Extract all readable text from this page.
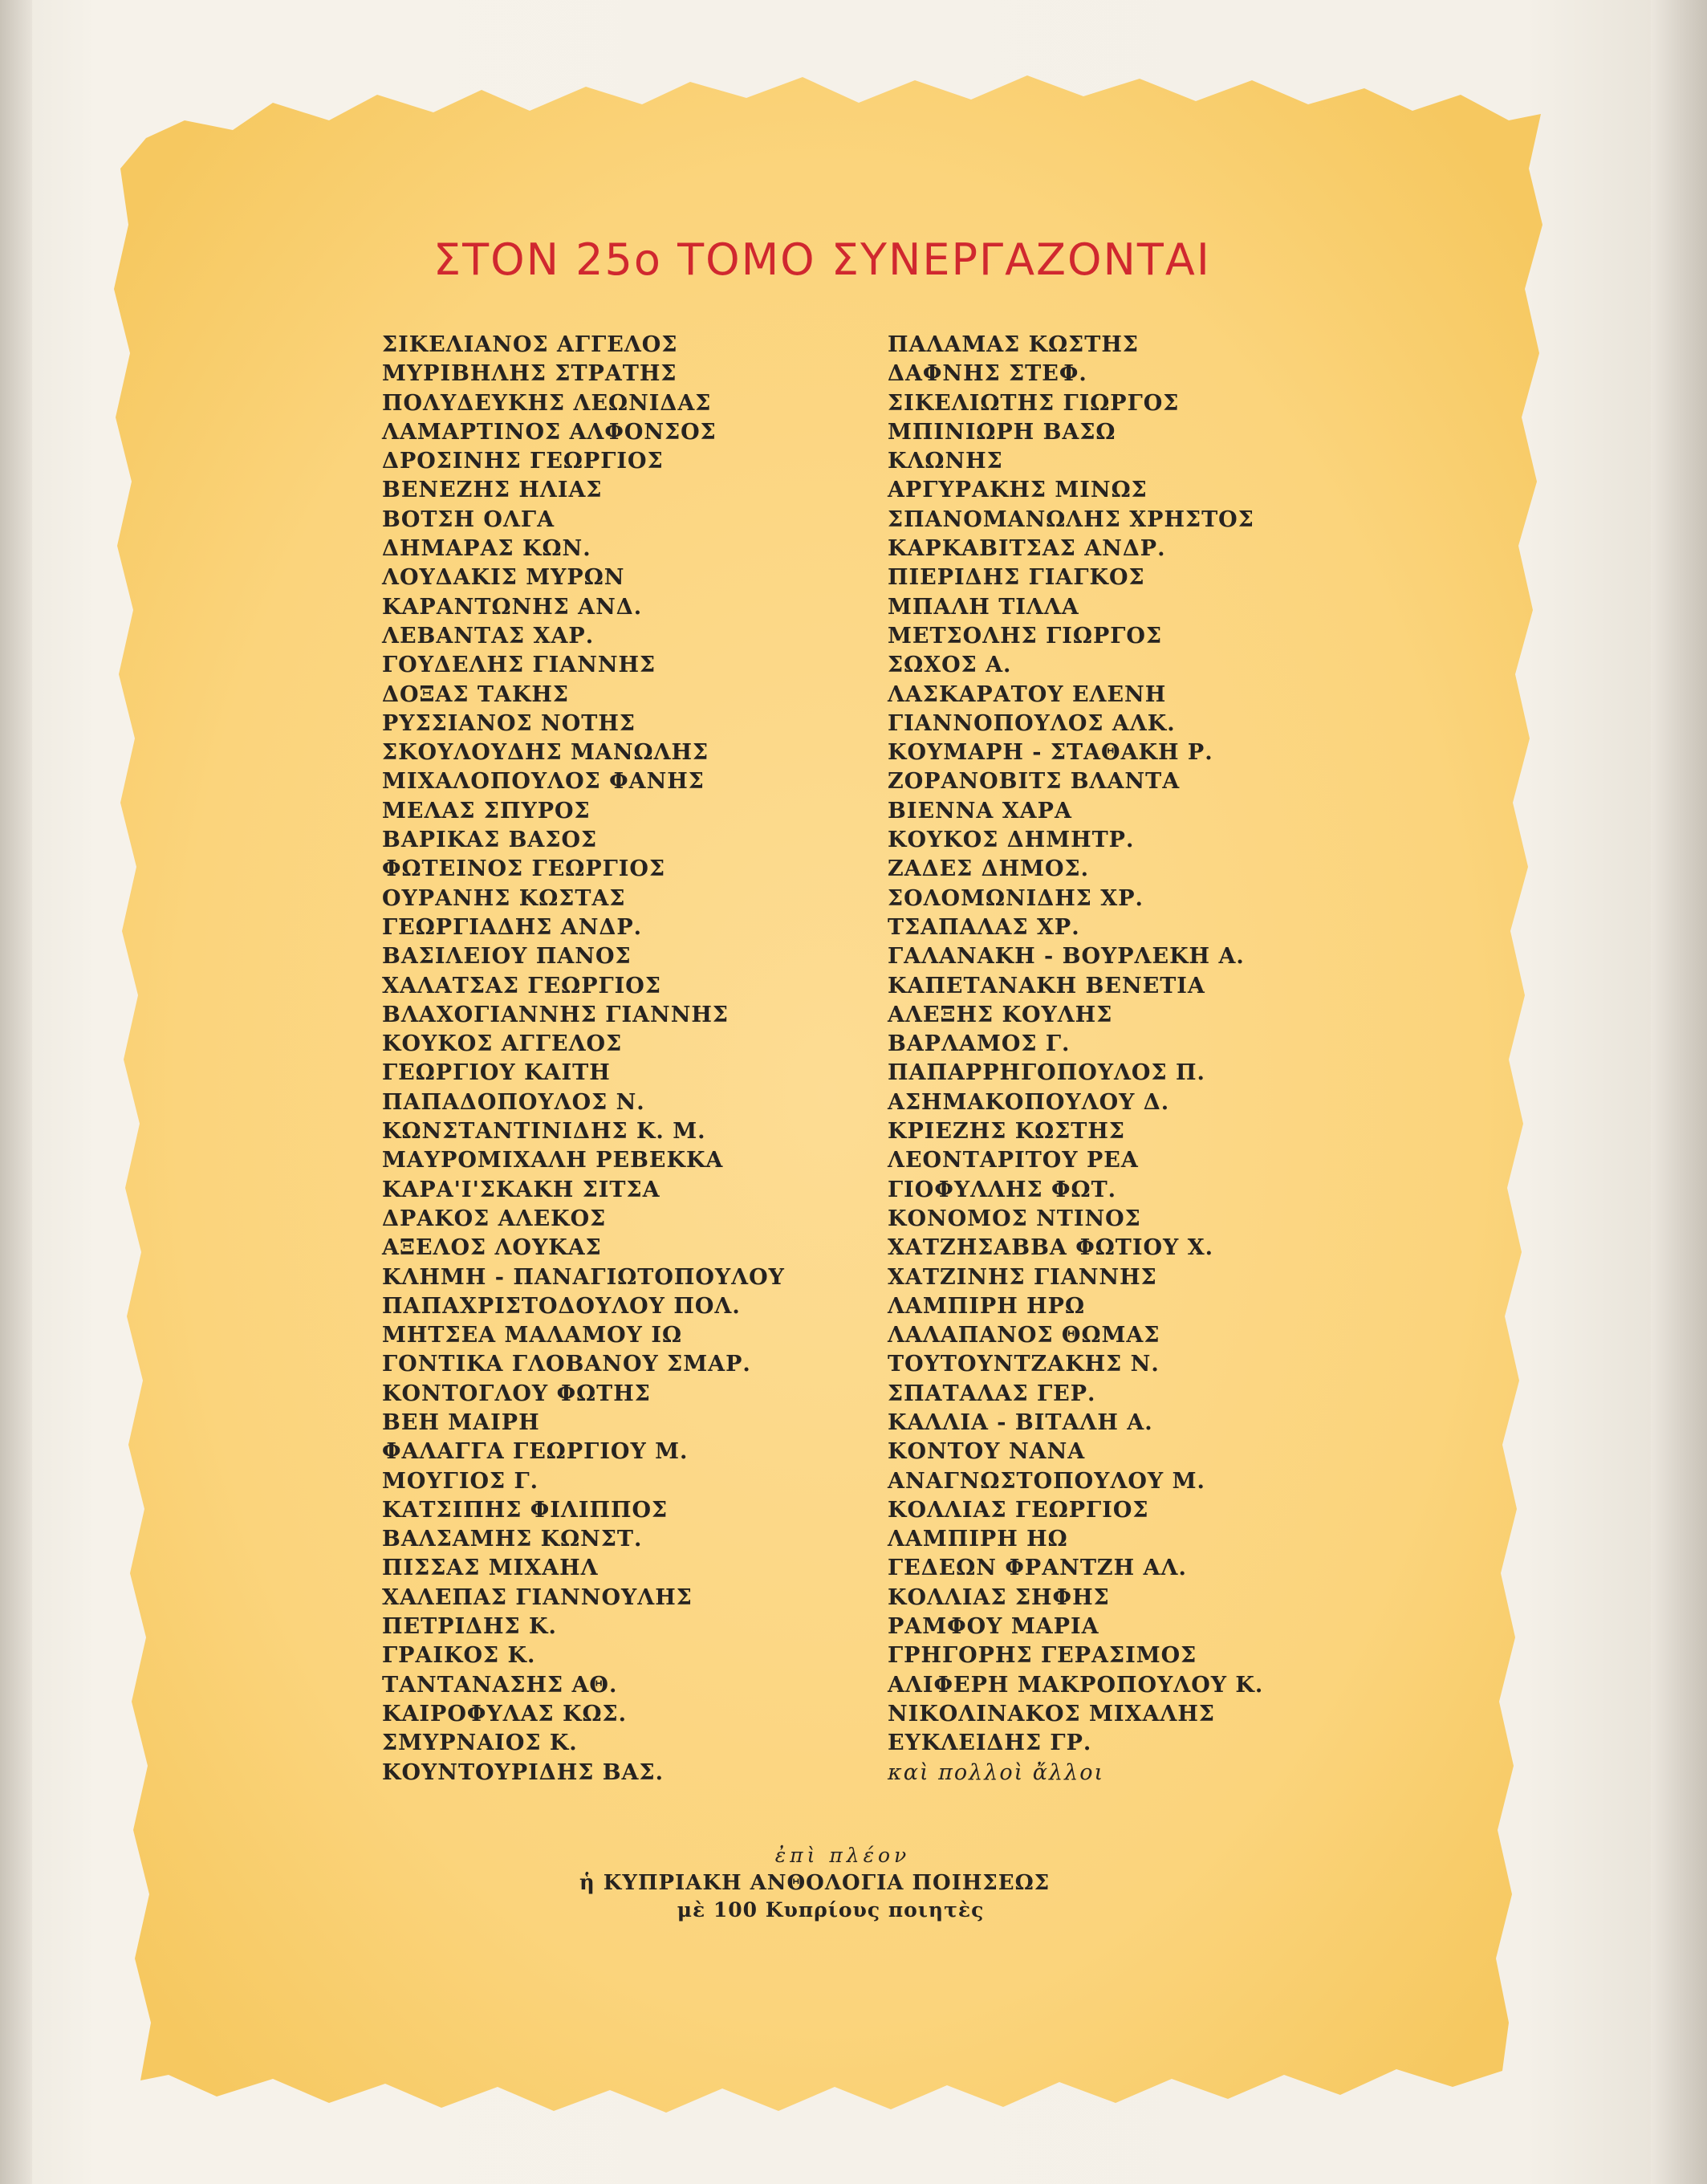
ΣΤΟΝ 25ο ΤΟΜΟ ΣΥΝΕΡΓΑΖΟΝΤΑΙ
ΣΙΚΕΛΙΑΝΟΣ ΑΓΓΕΛΟΣ
ΜΥΡΙΒΗΛΗΣ ΣΤΡΑΤΗΣ
ΠΟΛΥΔΕΥΚΗΣ ΛΕΩΝΙΔΑΣ
ΛΑΜΑΡΤΙΝΟΣ ΑΛΦΟΝΣΟΣ
ΔΡΟΣΙΝΗΣ ΓΕΩΡΓΙΟΣ
ΒΕΝΕΖΗΣ ΗΛΙΑΣ
ΒΟΤΣΗ ΟΛΓΑ
ΔΗΜΑΡΑΣ ΚΩΝ.
ΛΟΥΔΑΚΙΣ ΜΥΡΩΝ
ΚΑΡΑΝΤΩΝΗΣ ΑΝΔ.
ΛΕΒΑΝΤΑΣ ΧΑΡ.
ΓΟΥΔΕΛΗΣ ΓΙΑΝΝΗΣ
ΔΟΞΑΣ ΤΑΚΗΣ
ΡΥΣΣΙΑΝΟΣ ΝΟΤΗΣ
ΣΚΟΥΛΟΥΔΗΣ ΜΑΝΩΛΗΣ
ΜΙΧΑΛΟΠΟΥΛΟΣ ΦΑΝΗΣ
ΜΕΛΑΣ ΣΠΥΡΟΣ
ΒΑΡΙΚΑΣ ΒΑΣΟΣ
ΦΩΤΕΙΝΟΣ ΓΕΩΡΓΙΟΣ
ΟΥΡΑΝΗΣ ΚΩΣΤΑΣ
ΓΕΩΡΓΙΑΔΗΣ ΑΝΔΡ.
ΒΑΣΙΛΕΙΟΥ ΠΑΝΟΣ
ΧΑΛΑΤΣΑΣ ΓΕΩΡΓΙΟΣ
ΒΛΑΧΟΓΙΑΝΝΗΣ ΓΙΑΝΝΗΣ
ΚΟΥΚΟΣ ΑΓΓΕΛΟΣ
ΓΕΩΡΓΙΟΥ ΚΑΙΤΗ
ΠΑΠΑΔΟΠΟΥΛΟΣ Ν.
ΚΩΝΣΤΑΝΤΙΝΙΔΗΣ Κ. Μ.
ΜΑΥΡΟΜΙΧΑΛΗ ΡΕΒΕΚΚΑ
ΚΑΡΑ'Ι'ΣΚΑΚΗ ΣΙΤΣΑ
ΔΡΑΚΟΣ ΑΛΕΚΟΣ
ΑΞΕΛΟΣ ΛΟΥΚΑΣ
ΚΛΗΜΗ - ΠΑΝΑΓΙΩΤΟΠΟΥΛΟΥ
ΠΑΠΑΧΡΙΣΤΟΔΟΥΛΟΥ ΠΟΛ.
ΜΗΤΣΕΑ ΜΑΛΑΜΟΥ ΙΩ
ΓΟΝΤΙΚΑ ΓΛΟΒΑΝΟΥ ΣΜΑΡ.
ΚΟΝΤΟΓΛΟΥ ΦΩΤΗΣ
ΒΕΗ ΜΑΙΡΗ
ΦΑΛΑΓΓΑ ΓΕΩΡΓΙΟΥ Μ.
ΜΟΥΓΙΟΣ Γ.
ΚΑΤΣΙΠΗΣ ΦΙΛΙΠΠΟΣ
ΒΑΛΣΑΜΗΣ ΚΩΝΣΤ.
ΠΙΣΣΑΣ ΜΙΧΑΗΛ
ΧΑΛΕΠΑΣ ΓΙΑΝΝΟΥΛΗΣ
ΠΕΤΡΙΔΗΣ Κ.
ΓΡΑΙΚΟΣ Κ.
ΤΑΝΤΑΝΑΣΗΣ ΑΘ.
ΚΑΙΡΟΦΥΛΑΣ ΚΩΣ.
ΣΜΥΡΝΑΙΟΣ Κ.
ΚΟΥΝΤΟΥΡΙΔΗΣ ΒΑΣ.
ΠΑΛΑΜΑΣ ΚΩΣΤΗΣ
ΔΑΦΝΗΣ ΣΤΕΦ.
ΣΙΚΕΛΙΩΤΗΣ ΓΙΩΡΓΟΣ
ΜΠΙΝΙΩΡΗ ΒΑΣΩ
ΚΛΩΝΗΣ
ΑΡΓΥΡΑΚΗΣ ΜΙΝΩΣ
ΣΠΑΝΟΜΑΝΩΛΗΣ ΧΡΗΣΤΟΣ
ΚΑΡΚΑΒΙΤΣΑΣ ΑΝΔΡ.
ΠΙΕΡΙΔΗΣ ΓΙΑΓΚΟΣ
ΜΠΑΛΗ ΤΙΛΛΑ
ΜΕΤΣΟΛΗΣ ΓΙΩΡΓΟΣ
ΣΩΧΟΣ Α.
ΛΑΣΚΑΡΑΤΟΥ ΕΛΕΝΗ
ΓΙΑΝΝΟΠΟΥΛΟΣ ΑΛΚ.
ΚΟΥΜΑΡΗ - ΣΤΑΘΑΚΗ Ρ.
ΖΟΡΑΝΟΒΙΤΣ ΒΛΑΝΤΑ
ΒΙΕΝΝΑ ΧΑΡΑ
ΚΟΥΚΟΣ ΔΗΜΗΤΡ.
ΖΑΔΕΣ ΔΗΜΟΣ.
ΣΟΛΟΜΩΝΙΔΗΣ ΧΡ.
ΤΣΑΠΑΛΑΣ ΧΡ.
ΓΑΛΑΝΑΚΗ - ΒΟΥΡΛΕΚΗ Α.
ΚΑΠΕΤΑΝΑΚΗ ΒΕΝΕΤΙΑ
ΑΛΕΞΗΣ ΚΟΥΛΗΣ
ΒΑΡΛΑΜΟΣ Γ.
ΠΑΠΑΡΡΗΓΟΠΟΥΛΟΣ Π.
ΑΣΗΜΑΚΟΠΟΥΛΟΥ Δ.
ΚΡΙΕΖΗΣ ΚΩΣΤΗΣ
ΛΕΟΝΤΑΡΙΤΟΥ ΡΕΑ
ΓΙΟΦΥΛΛΗΣ ΦΩΤ.
ΚΟΝΟΜΟΣ ΝΤΙΝΟΣ
ΧΑΤΖΗΣΑΒΒΑ ΦΩΤΙΟΥ Χ.
ΧΑΤΖΙΝΗΣ ΓΙΑΝΝΗΣ
ΛΑΜΠΙΡΗ ΗΡΩ
ΛΑΛΑΠΑΝΟΣ ΘΩΜΑΣ
ΤΟΥΤΟΥΝΤΖΑΚΗΣ Ν.
ΣΠΑΤΑΛΑΣ ΓΕΡ.
ΚΑΛΛΙΑ - ΒΙΤΑΛΗ Α.
ΚΟΝΤΟΥ ΝΑΝΑ
ΑΝΑΓΝΩΣΤΟΠΟΥΛΟΥ Μ.
ΚΟΛΛΙΑΣ ΓΕΩΡΓΙΟΣ
ΛΑΜΠΙΡΗ ΗΩ
ΓΕΔΕΩΝ ΦΡΑΝΤΖΗ ΑΛ.
ΚΟΛΛΙΑΣ ΣΗΦΗΣ
ΡΑΜΦΟΥ ΜΑΡΙΑ
ΓΡΗΓΟΡΗΣ ΓΕΡΑΣΙΜΟΣ
ΑΛΙΦΕΡΗ ΜΑΚΡΟΠΟΥΛΟΥ Κ.
ΝΙΚΟΛΙΝΑΚΟΣ ΜΙΧΑΛΗΣ
ΕΥΚΛΕΙΔΗΣ ΓΡ.
καὶ πολλοὶ ἄλλοι
ἐπὶ πλέον
ἡ ΚΥΠΡΙΑΚΗ ΑΝΘΟΛΟΓΙΑ ΠΟΙΗΣΕΩΣ
μὲ 100 Κυπρίους ποιητὲς
